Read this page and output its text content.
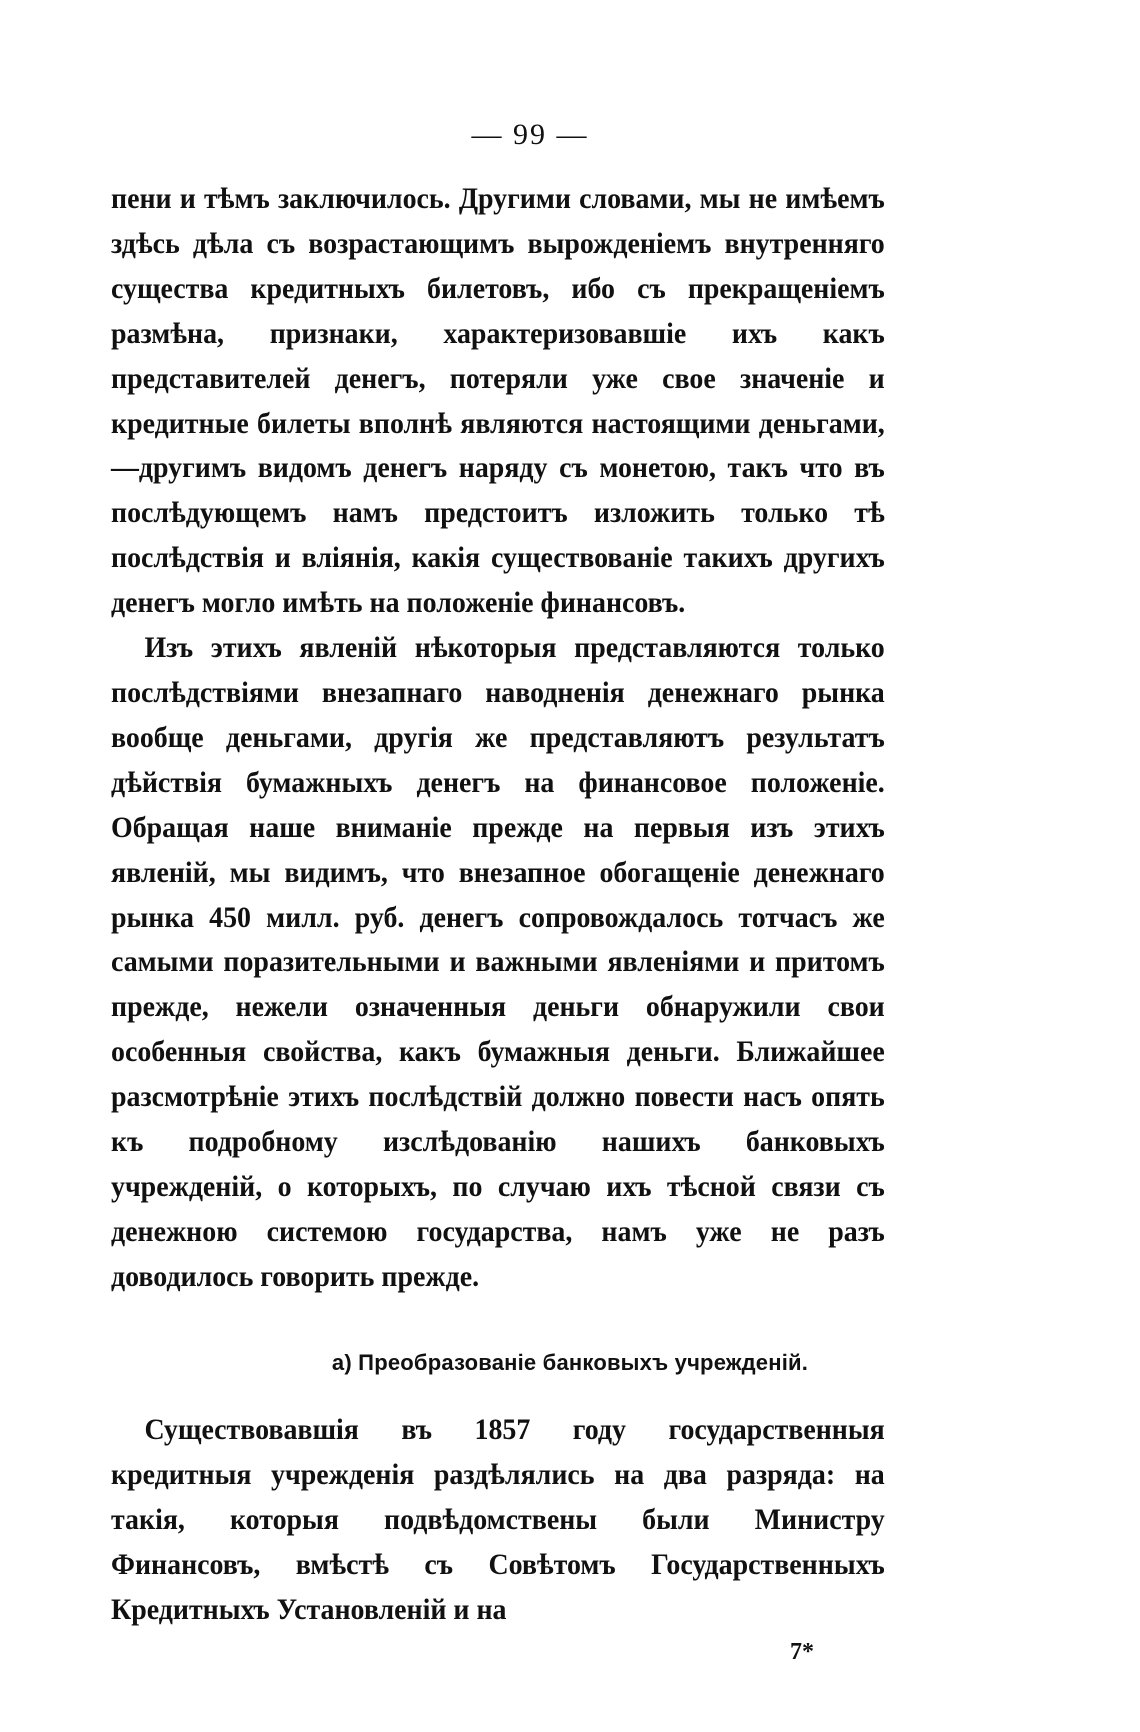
— 99 —

пени и тѣмъ заключилось. Другими словами, мы не имѣемъ здѣсь дѣла съ возрастающимъ вырожденіемъ внутренняго существа кредитныхъ билетовъ, ибо съ прекращеніемъ размѣна, признаки, характеризовавшіе ихъ какъ представителей денегъ, потеряли уже свое значеніе и кредитные билеты вполнѣ являются настоящими деньгами,—другимъ видомъ денегъ наряду съ монетою, такъ что въ послѣдующемъ намъ предстоитъ изложить только тѣ послѣдствія и вліянія, какія существованіе такихъ другихъ денегъ могло имѣть на положеніе финансовъ.

Изъ этихъ явленій нѣкоторыя представляются только послѣдствіями внезапнаго наводненія денежнаго рынка вообще деньгами, другія же представляютъ результатъ дѣйствія бумажныхъ денегъ на финансовое положеніе. Обращая наше вниманіе прежде на первыя изъ этихъ явленій, мы видимъ, что внезапное обогащеніе денежнаго рынка 450 милл. руб. денегъ сопровождалось тотчасъ же самыми поразительными и важными явленіями и притомъ прежде, нежели означенныя деньги обнаружили свои особенныя свойства, какъ бумажныя деньги. Ближайшее разсмотрѣніе этихъ послѣдствій должно повести насъ опять къ подробному изслѣдованію нашихъ банковыхъ учрежденій, о которыхъ, по случаю ихъ тѣсной связи съ денежною системою государства, намъ уже не разъ доводилось говорить прежде.

а) Преобразованіе банковыхъ учрежденій.

Существовавшія въ 1857 году государственныя кредитныя учрежденія раздѣлялись на два разряда: на такія, которыя подвѣдомствены были Министру Финансовъ, вмѣстѣ съ Совѣтомъ Государственныхъ Кредитныхъ Установленій и на

7*
